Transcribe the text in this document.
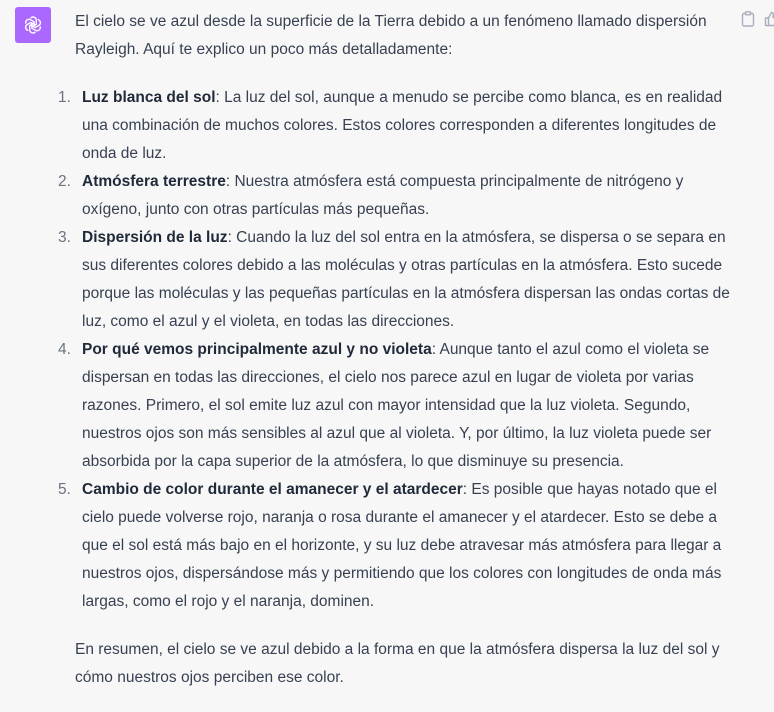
El cielo se ve azul desde la superficie de la Tierra debido a un fenómeno llamado dispersión Rayleigh. Aquí te explico un poco más detalladamente:

1. Luz blanca del sol: La luz del sol, aunque a menudo se percibe como blanca, es en realidad una combinación de muchos colores. Estos colores corresponden a diferentes longitudes de onda de luz.
2. Atmósfera terrestre: Nuestra atmósfera está compuesta principalmente de nitrógeno y oxígeno, junto con otras partículas más pequeñas.
3. Dispersión de la luz: Cuando la luz del sol entra en la atmósfera, se dispersa o se separa en sus diferentes colores debido a las moléculas y otras partículas en la atmósfera. Esto sucede porque las moléculas y las pequeñas partículas en la atmósfera dispersan las ondas cortas de luz, como el azul y el violeta, en todas las direcciones.
4. Por qué vemos principalmente azul y no violeta: Aunque tanto el azul como el violeta se dispersan en todas las direcciones, el cielo nos parece azul en lugar de violeta por varias razones. Primero, el sol emite luz azul con mayor intensidad que la luz violeta. Segundo, nuestros ojos son más sensibles al azul que al violeta. Y, por último, la luz violeta puede ser absorbida por la capa superior de la atmósfera, lo que disminuye su presencia.
5. Cambio de color durante el amanecer y el atardecer: Es posible que hayas notado que el cielo puede volverse rojo, naranja o rosa durante el amanecer y el atardecer. Esto se debe a que el sol está más bajo en el horizonte, y su luz debe atravesar más atmósfera para llegar a nuestros ojos, dispersándose más y permitiendo que los colores con longitudes de onda más largas, como el rojo y el naranja, dominen.

En resumen, el cielo se ve azul debido a la forma en que la atmósfera dispersa la luz del sol y cómo nuestros ojos perciben ese color.
